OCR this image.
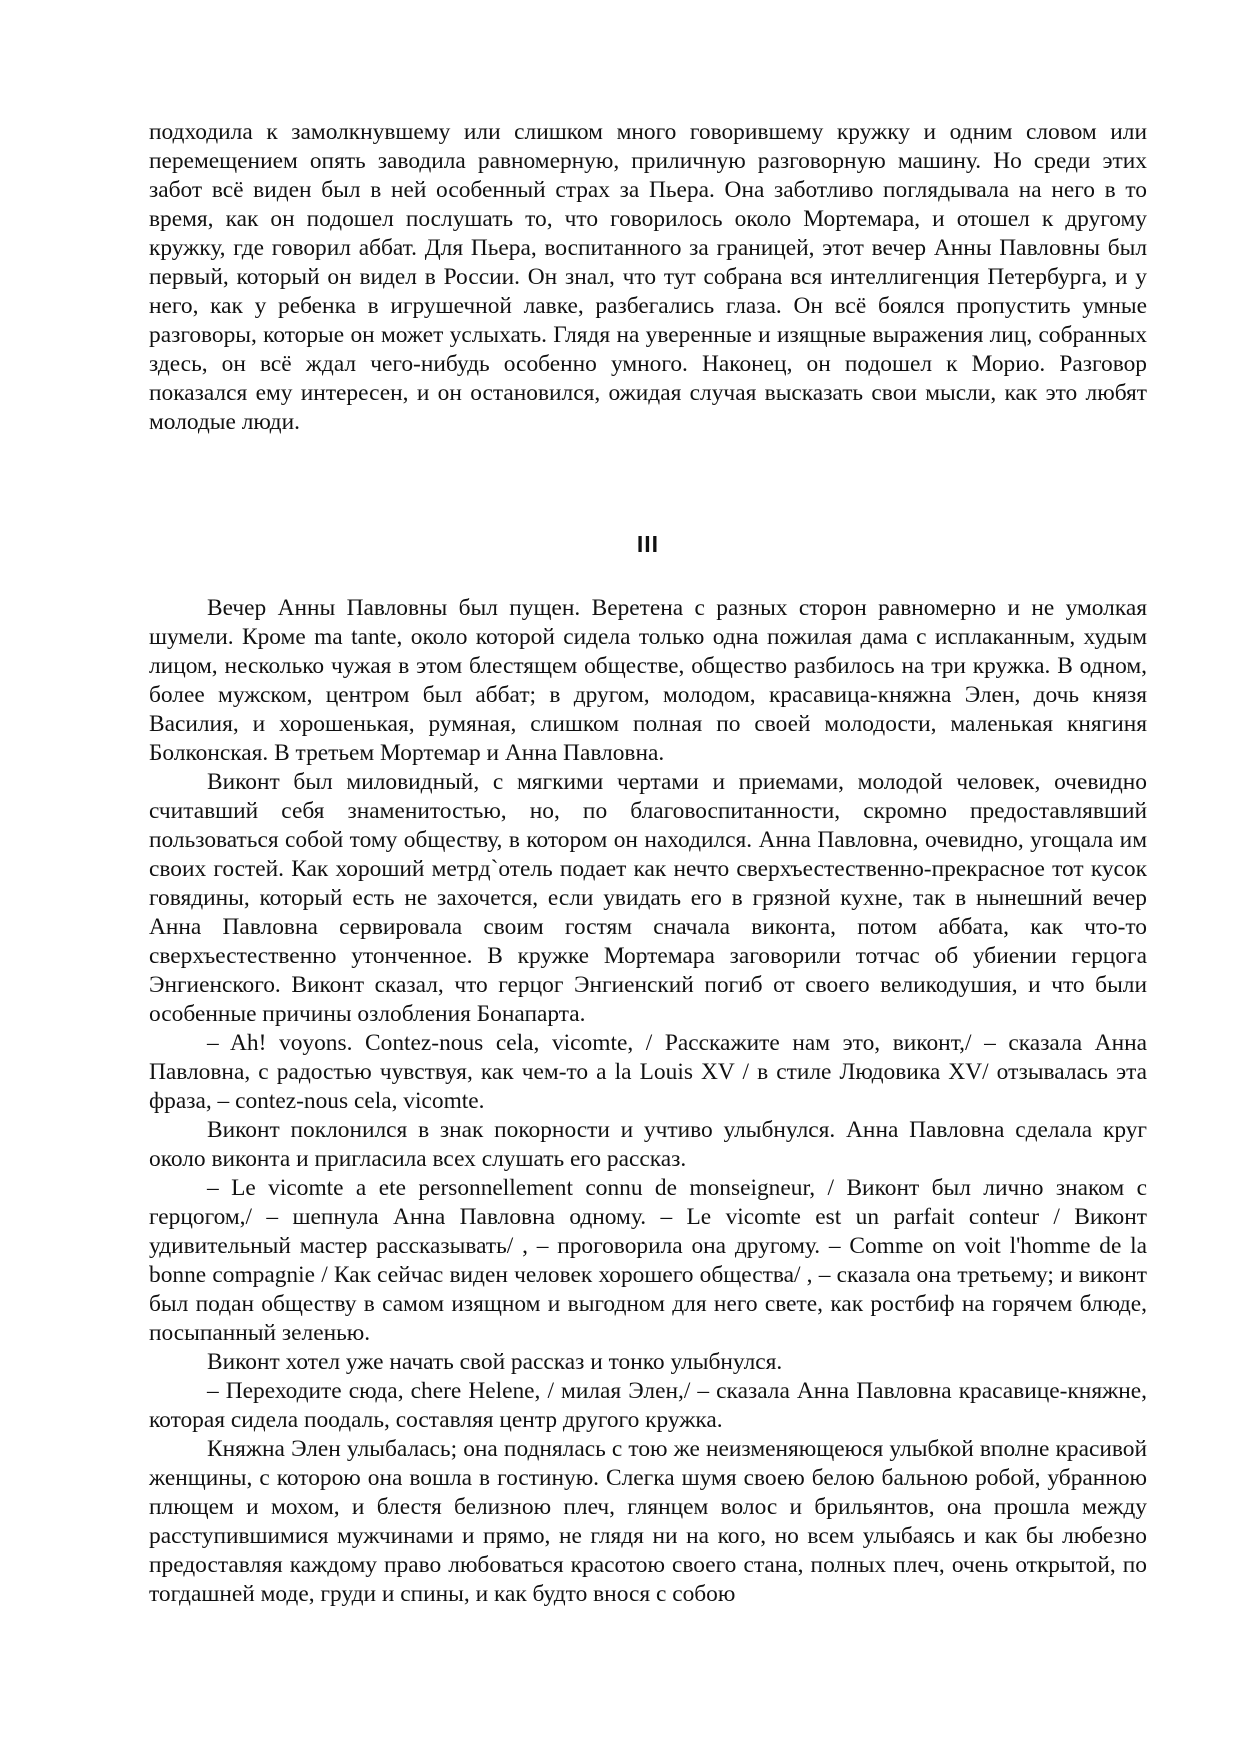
подходила к замолкнувшему или слишком много говорившему кружку и одним словом или перемещением опять заводила равномерную, приличную разговорную машину. Но среди этих забот всё виден был в ней особенный страх за Пьера. Она заботливо поглядывала на него в то время, как он подошел послушать то, что говорилось около Мортемара, и отошел к другому кружку, где говорил аббат. Для Пьера, воспитанного за границей, этот вечер Анны Павловны был первый, который он видел в России. Он знал, что тут собрана вся интеллигенция Петербурга, и у него, как у ребенка в игрушечной лавке, разбегались глаза. Он всё боялся пропустить умные разговоры, которые он может услыхать. Глядя на уверенные и изящные выражения лиц, собранных здесь, он всё ждал чего-нибудь особенно умного. Наконец, он подошел к Морио. Разговор показался ему интересен, и он остановился, ожидая случая высказать свои мысли, как это любят молодые люди.

III

Вечер Анны Павловны был пущен. Веретена с разных сторон равномерно и не умолкая шумели. Кроме ma tante, около которой сидела только одна пожилая дама с исплаканным, худым лицом, несколько чужая в этом блестящем обществе, общество разбилось на три кружка. В одном, более мужском, центром был аббат; в другом, молодом, красавица-княжна Элен, дочь князя Василия, и хорошенькая, румяная, слишком полная по своей молодости, маленькая княгиня Болконская. В третьем Мортемар и Анна Павловна.

Виконт был миловидный, с мягкими чертами и приемами, молодой человек, очевидно считавший себя знаменитостью, но, по благовоспитанности, скромно предоставлявший пользоваться собой тому обществу, в котором он находился. Анна Павловна, очевидно, угощала им своих гостей. Как хороший метрд`отель подает как нечто сверхъестественно-прекрасное тот кусок говядины, который есть не захочется, если увидать его в грязной кухне, так в нынешний вечер Анна Павловна сервировала своим гостям сначала виконта, потом аббата, как что-то сверхъестественно утонченное. В кружке Мортемара заговорили тотчас об убиении герцога Энгиенского. Виконт сказал, что герцог Энгиенский погиб от своего великодушия, и что были особенные причины озлобления Бонапарта.

– Ah! voyons. Contez-nous cela, vicomte, / Расскажите нам это, виконт,/ – сказала Анна Павловна, с радостью чувствуя, как чем-то a la Louis XV / в стиле Людовика XV/ отзывалась эта фраза, – contez-nous cela, vicomte.

Виконт поклонился в знак покорности и учтиво улыбнулся. Анна Павловна сделала круг около виконта и пригласила всех слушать его рассказ.

– Le vicomte a ete personnellement connu de monseigneur, / Виконт был лично знаком с герцогом,/ – шепнула Анна Павловна одному. – Le vicomte est un parfait conteur / Виконт удивительный мастер рассказывать/ , – проговорила она другому. – Comme on voit l'homme de la bonne compagnie / Как сейчас виден человек хорошего общества/ , – сказала она третьему; и виконт был подан обществу в самом изящном и выгодном для него свете, как ростбиф на горячем блюде, посыпанный зеленью.

Виконт хотел уже начать свой рассказ и тонко улыбнулся.

– Переходите сюда, chere Helene, / милая Элен,/ – сказала Анна Павловна красавице-княжне, которая сидела поодаль, составляя центр другого кружка.

Княжна Элен улыбалась; она поднялась с тою же неизменяющеюся улыбкой вполне красивой женщины, с которою она вошла в гостиную. Слегка шумя своею белою бальною робой, убранною плющем и мохом, и блестя белизною плеч, глянцем волос и брильянтов, она прошла между расступившимися мужчинами и прямо, не глядя ни на кого, но всем улыбаясь и как бы любезно предоставляя каждому право любоваться красотою своего стана, полных плеч, очень открытой, по тогдашней моде, груди и спины, и как будто внося с собою
